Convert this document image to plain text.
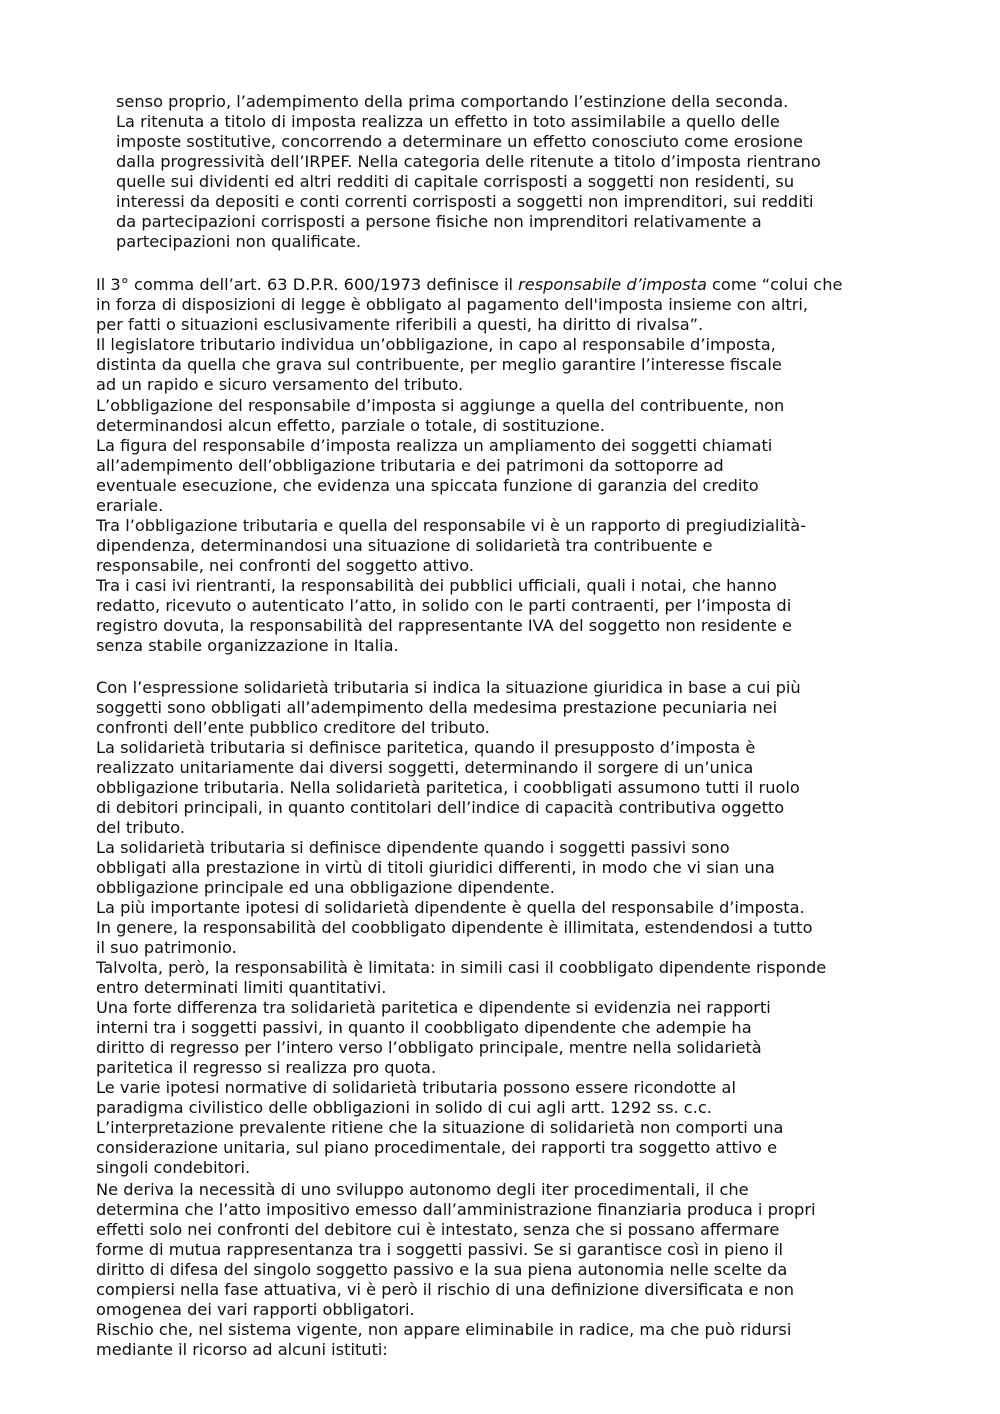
senso proprio, l’adempimento della prima comportando l’estinzione della seconda.
La ritenuta a titolo di imposta realizza un effetto in toto assimilabile a quello delle
imposte sostitutive, concorrendo a determinare un effetto conosciuto come erosione
dalla progressività dell’IRPEF. Nella categoria delle ritenute a titolo d’imposta rientrano
quelle sui dividenti ed altri redditi di capitale corrisposti a soggetti non residenti, su
interessi da depositi e conti correnti corrisposti a soggetti non imprenditori, sui redditi
da partecipazioni corrisposti a persone fisiche non imprenditori relativamente a
partecipazioni non qualificate.
Il 3° comma dell’art. 63 D.P.R. 600/1973 definisce il responsabile d’imposta come “colui che
in forza di disposizioni di legge è obbligato al pagamento dell'imposta insieme con altri,
per fatti o situazioni esclusivamente riferibili a questi, ha diritto di rivalsa”.
Il legislatore tributario individua un’obbligazione, in capo al responsabile d’imposta,
distinta da quella che grava sul contribuente, per meglio garantire l’interesse fiscale
ad un rapido e sicuro versamento del tributo.
L’obbligazione del responsabile d’imposta si aggiunge a quella del contribuente, non
determinandosi alcun effetto, parziale o totale, di sostituzione.
La figura del responsabile d’imposta realizza un ampliamento dei soggetti chiamati
all’adempimento dell’obbligazione tributaria e dei patrimoni da sottoporre ad
eventuale esecuzione, che evidenza una spiccata funzione di garanzia del credito
erariale.
Tra l’obbligazione tributaria e quella del responsabile vi è un rapporto di pregiudizialità-
dipendenza, determinandosi una situazione di solidarietà tra contribuente e
responsabile, nei confronti del soggetto attivo.
Tra i casi ivi rientranti, la responsabilità dei pubblici ufficiali, quali i notai, che hanno
redatto, ricevuto o autenticato l’atto, in solido con le parti contraenti, per l’imposta di
registro dovuta, la responsabilità del rappresentante IVA del soggetto non residente e
senza stabile organizzazione in Italia.
Con l’espressione solidarietà tributaria si indica la situazione giuridica in base a cui più
soggetti sono obbligati all’adempimento della medesima prestazione pecuniaria nei
confronti dell’ente pubblico creditore del tributo.
La solidarietà tributaria si definisce paritetica, quando il presupposto d’imposta è
realizzato unitariamente dai diversi soggetti, determinando il sorgere di un’unica
obbligazione tributaria. Nella solidarietà paritetica, i coobbligati assumono tutti il ruolo
di debitori principali, in quanto contitolari dell’indice di capacità contributiva oggetto
del tributo.
La solidarietà tributaria si definisce dipendente quando i soggetti passivi sono
obbligati alla prestazione in virtù di titoli giuridici differenti, in modo che vi sian una
obbligazione principale ed una obbligazione dipendente.
La più importante ipotesi di solidarietà dipendente è quella del responsabile d’imposta.
In genere, la responsabilità del coobbligato dipendente è illimitata, estendendosi a tutto
il suo patrimonio.
Talvolta, però, la responsabilità è limitata: in simili casi il coobbligato dipendente risponde
entro determinati limiti quantitativi.
Una forte differenza tra solidarietà paritetica e dipendente si evidenzia nei rapporti
interni tra i soggetti passivi, in quanto il coobbligato dipendente che adempie ha
diritto di regresso per l’intero verso l’obbligato principale, mentre nella solidarietà
paritetica il regresso si realizza pro quota.
Le varie ipotesi normative di solidarietà tributaria possono essere ricondotte al
paradigma civilistico delle obbligazioni in solido di cui agli artt. 1292 ss. c.c.
L’interpretazione prevalente ritiene che la situazione di solidarietà non comporti una
considerazione unitaria, sul piano procedimentale, dei rapporti tra soggetto attivo e
singoli condebitori.
Ne deriva la necessità di uno sviluppo autonomo degli iter procedimentali, il che
determina che l’atto impositivo emesso dall’amministrazione finanziaria produca i propri
effetti solo nei confronti del debitore cui è intestato, senza che si possano affermare
forme di mutua rappresentanza tra i soggetti passivi. Se si garantisce così in pieno il
diritto di difesa del singolo soggetto passivo e la sua piena autonomia nelle scelte da
compiersi nella fase attuativa, vi è però il rischio di una definizione diversificata e non
omogenea dei vari rapporti obbligatori.
Rischio che, nel sistema vigente, non appare eliminabile in radice, ma che può ridursi
mediante il ricorso ad alcuni istituti:
